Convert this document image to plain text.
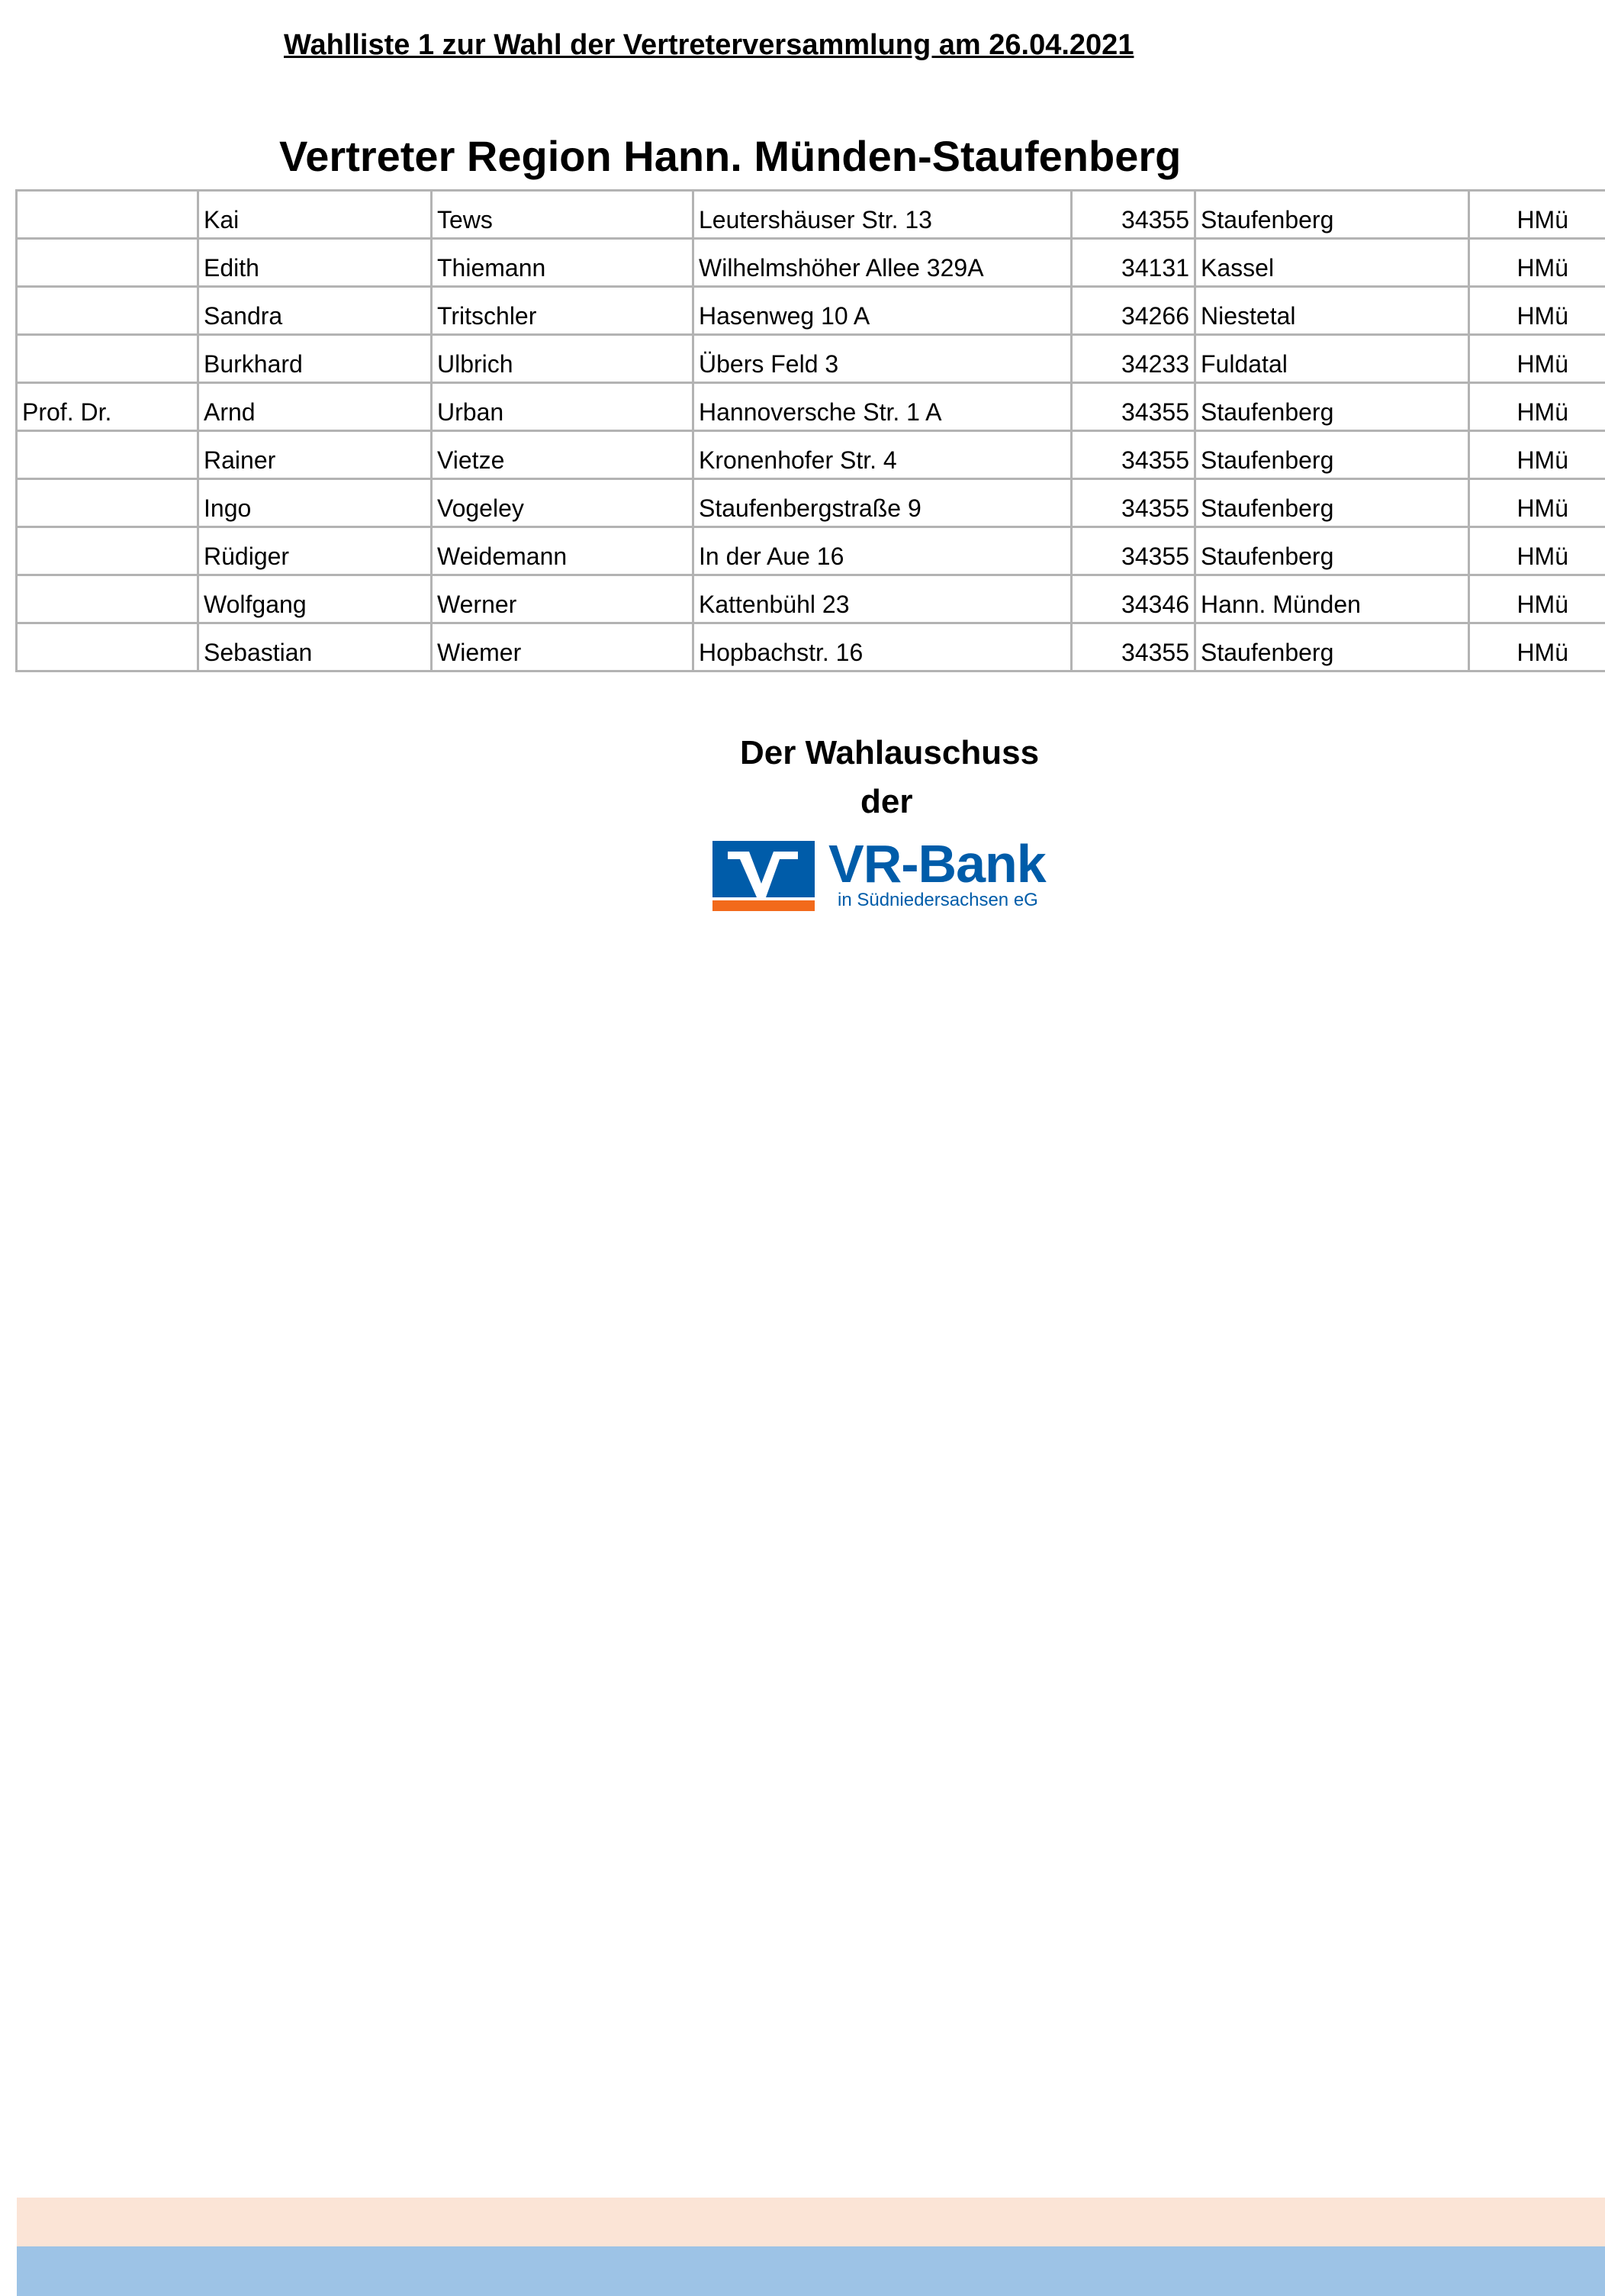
Wahlliste 1 zur Wahl der Vertreterversammlung am 26.04.2021
Vertreter Region Hann. Münden-Staufenberg
	Kai	Tews	Leutershäuser Str. 13	34355	Staufenberg	HMü
	Edith	Thiemann	Wilhelmshöher Allee 329A	34131	Kassel	HMü
	Sandra	Tritschler	Hasenweg 10 A	34266	Niestetal	HMü
	Burkhard	Ulbrich	Übers Feld 3	34233	Fuldatal	HMü
Prof. Dr.	Arnd	Urban	Hannoversche Str. 1 A	34355	Staufenberg	HMü
	Rainer	Vietze	Kronenhofer Str. 4	34355	Staufenberg	HMü
	Ingo	Vogeley	Staufenbergstraße 9	34355	Staufenberg	HMü
	Rüdiger	Weidemann	In der Aue 16	34355	Staufenberg	HMü
	Wolfgang	Werner	Kattenbühl 23	34346	Hann. Münden	HMü
	Sebastian	Wiemer	Hopbachstr. 16	34355	Staufenberg	HMü
Der Wahlauschuss
der
VR-Bank
in Südniedersachsen eG
